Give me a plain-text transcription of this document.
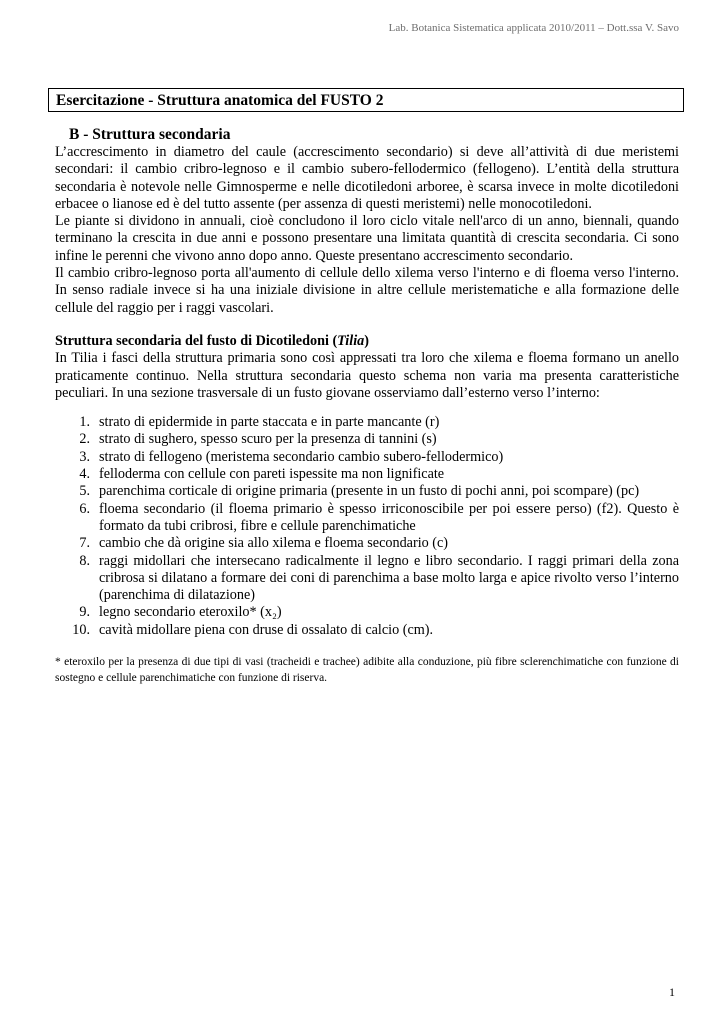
Lab. Botanica Sistematica applicata 2010/2011 – Dott.ssa V. Savo
Esercitazione - Struttura anatomica del FUSTO 2
B - Struttura secondaria

L’accrescimento in diametro del caule (accrescimento secondario) si deve all’attività di due meristemi secondari: il cambio cribro-legnoso e il cambio subero-fellodermico (fellogeno). L’entità della struttura secondaria è notevole nelle Gimnosperme e nelle dicotiledoni arboree, è scarsa invece in molte dicotiledoni erbacee o lianose ed è del tutto assente (per assenza di questi meristemi) nelle monocotiledoni.

Le piante si dividono in annuali, cioè concludono il loro ciclo vitale nell'arco di un anno, biennali, quando terminano la crescita in due anni e possono presentare una limitata quantità di crescita secondaria. Ci sono infine le perenni che vivono anno dopo anno. Queste presentano accrescimento secondario.

Il cambio cribro-legnoso porta all'aumento di cellule dello xilema verso l'interno e di floema verso l'interno. In senso radiale invece si ha una iniziale divisione in altre cellule meristematiche e alla formazione delle cellule del raggio per i raggi vascolari.

Struttura secondaria del fusto di Dicotiledoni (Tilia)

In Tilia i fasci della struttura primaria sono così appressati tra loro che xilema e floema formano un anello praticamente continuo. Nella struttura secondaria questo schema non varia ma presenta caratteristiche peculiari. In una sezione trasversale di un fusto giovane osserviamo dall’esterno verso l’interno:

1. strato di epidermide in parte staccata e in parte mancante (r)
2. strato di sughero, spesso scuro per la presenza di tannini (s)
3. strato di fellogeno (meristema secondario cambio subero-fellodermico)
4. felloderma con cellule con pareti ispessite ma non lignificate
5. parenchima corticale di origine primaria (presente in un fusto di pochi anni, poi scompare) (pc)
6. floema secondario (il floema primario è spesso irriconoscibile per poi essere perso) (f2). Questo è formato da tubi cribrosi, fibre e cellule parenchimatiche
7. cambio che dà origine sia allo xilema e floema secondario (c)
8. raggi midollari che intersecano radicalmente il legno e libro secondario. I raggi primari della zona cribrosa si dilatano a formare dei coni di parenchima a base molto larga e apice rivolto verso l’interno (parenchima di dilatazione)
9. legno secondario eteroxilo* (x₂)
10. cavità midollare piena con druse di ossalato di calcio (cm).

* eteroxilo per la presenza di due tipi di vasi (tracheidi e trachee) adibite alla conduzione, più fibre sclerenchimatiche con funzione di sostegno e cellule parenchimatiche con funzione di riserva.

1
